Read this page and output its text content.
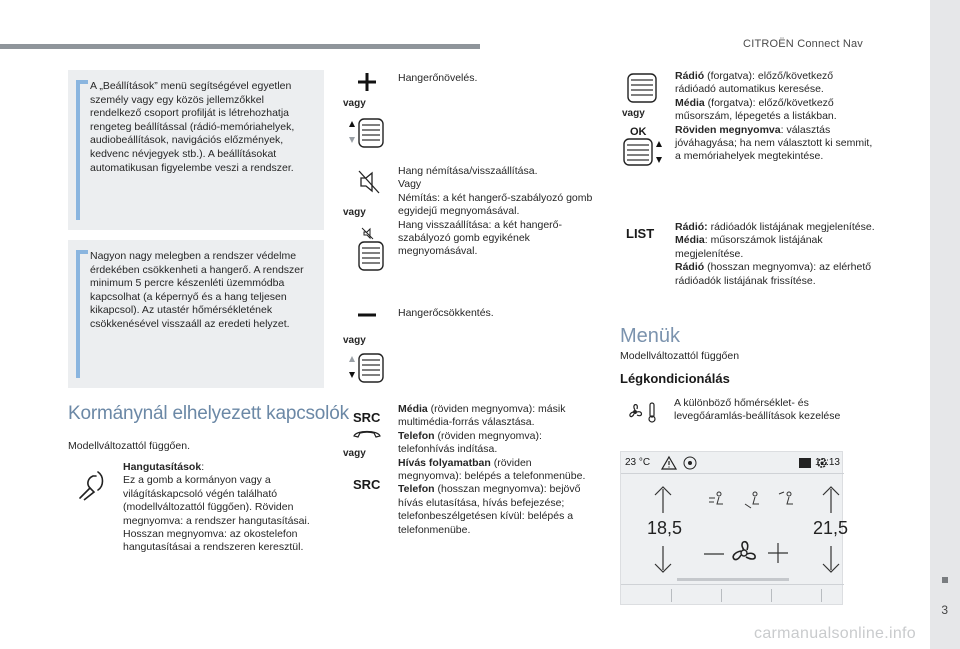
CITROËN Connect Nav
3
carmanualsonline.info

A „Beállítások” menü segítségével egyetlen személy vagy egy közös jellemzőkkel rendelkező csoport profilját is létrehozhatja rengeteg beállítással (rádió-memóriahelyek, audiobeállítások, navigációs előzmények, kedvenc névjegyek stb.). A beállításokat automatikusan figyelembe veszi a rendszer.

Nagyon nagy melegben a rendszer védelme érdekében csökkenheti a hangerő. A rendszer minimum 5 percre készenléti üzemmódba kapcsolhat (a képernyő és a hang teljesen kikapcsol). Az utastér hőmérsékletének csökkenésével visszaáll az eredeti helyzet.

Kormánynál elhelyezett kapcsolók
Modellváltozattól függően.
Hangutasítások:
Ez a gomb a kormányon vagy a világításkapcsoló végén található (modellváltozattól függően). Röviden megnyomva: a rendszer hangutasításai. Hosszan megnyomva: az okostelefon hangutasításai a rendszeren keresztül.
vagy
Hangerőnövelés.
vagy
Hang némítása/visszaállítása.
Vagy
Némítás: a két hangerő-szabályozó gomb egyidejű megnyomásával.
Hang visszaállítása: a két hangerő-szabályozó gomb egyikének megnyomásával.
vagy
Hangerőcsökkentés.
SRC
vagy
SRC
Média (röviden megnyomva): másik multimédia-forrás választása.
Telefon (röviden megnyomva): telefonhívás indítása.
Hívás folyamatban (röviden megnyomva): belépés a telefonmenübe.
Telefon (hosszan megnyomva): bejövő hívás elutasítása, hívás befejezése; telefonbeszélgetésen kívül: belépés a telefonmenübe.
vagy
OK
Rádió (forgatva): előző/következő rádióadó automatikus keresése.
Média (forgatva): előző/következő műsorszám, lépegetés a listákban.
Röviden megnyomva: választás jóváhagyása; ha nem választott ki semmit, a memóriahelyek megtekintése.
LIST Rádió: rádióadók listájának megjelenítése.
Média: műsorszámok listájának megjelenítése.
Rádió (hosszan megnyomva): az elérhető rádióadók listájának frissítése.
Menük
Modellváltozattól függően
Légkondicionálás
A különböző hőmérséklet- és levegőáramlás-beállítások kezelése
23 °C	12:13
18,5	21,5
